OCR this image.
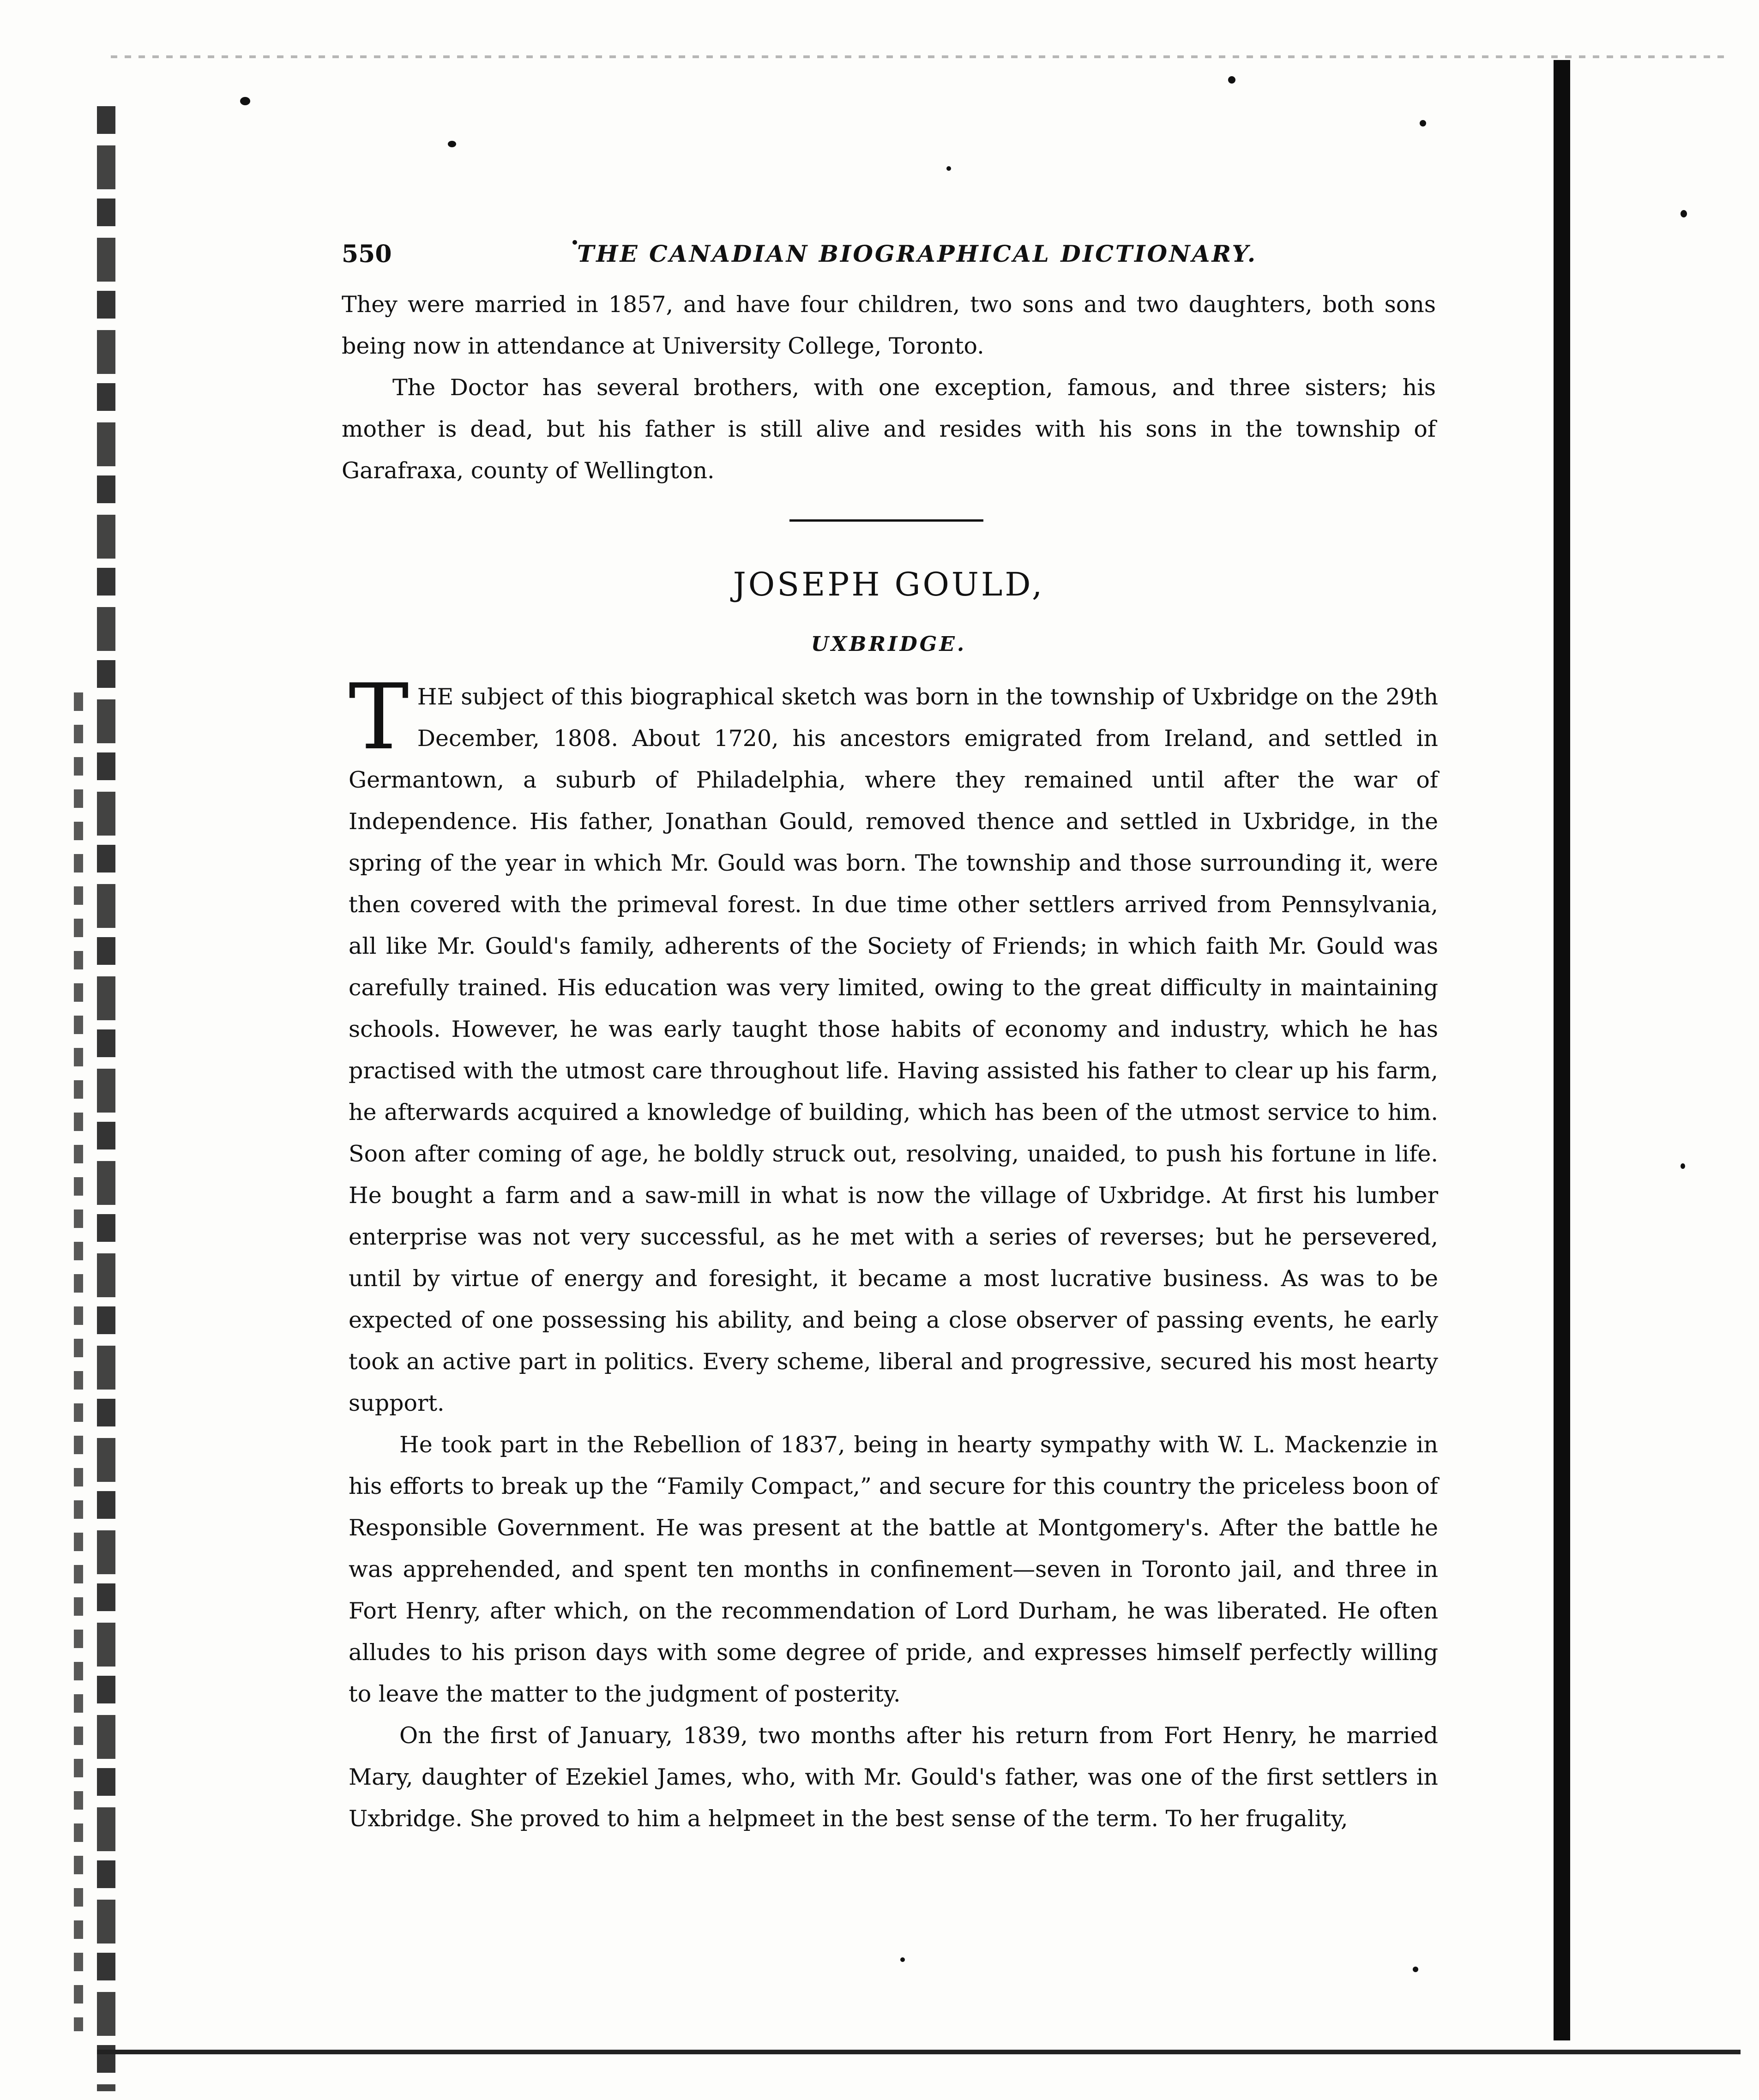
550	THE CANADIAN BIOGRAPHICAL DICTIONARY.

They were married in 1857, and have four children, two sons and two daughters, both sons being now in attendance at University College, Toronto.

The Doctor has several brothers, with one exception, famous, and three sisters; his mother is dead, but his father is still alive and resides with his sons in the township of Garafraxa, county of Wellington.

JOSEPH GOULD,
UXBRIDGE.

THE subject of this biographical sketch was born in the township of Uxbridge on the 29th December, 1808. About 1720, his ancestors emigrated from Ireland, and settled in Germantown, a suburb of Philadelphia, where they remained until after the war of Independence. His father, Jonathan Gould, removed thence and settled in Uxbridge, in the spring of the year in which Mr. Gould was born. The township and those surrounding it, were then covered with the primeval forest. In due time other settlers arrived from Pennsylvania, all like Mr. Gould's family, adherents of the Society of Friends; in which faith Mr. Gould was carefully trained. His education was very limited, owing to the great difficulty in maintaining schools. However, he was early taught those habits of economy and industry, which he has practised with the utmost care throughout life. Having assisted his father to clear up his farm, he afterwards acquired a knowledge of building, which has been of the utmost service to him. Soon after coming of age, he boldly struck out, resolving, unaided, to push his fortune in life. He bought a farm and a saw-mill in what is now the village of Uxbridge. At first his lumber enterprise was not very successful, as he met with a series of reverses; but he persevered, until by virtue of energy and foresight, it became a most lucrative business. As was to be expected of one possessing his ability, and being a close observer of passing events, he early took an active part in politics. Every scheme, liberal and progressive, secured his most hearty support.

He took part in the Rebellion of 1837, being in hearty sympathy with W. L. Mackenzie in his efforts to break up the “Family Compact,” and secure for this country the priceless boon of Responsible Government. He was present at the battle at Montgomery's. After the battle he was apprehended, and spent ten months in confinement—seven in Toronto jail, and three in Fort Henry, after which, on the recommendation of Lord Durham, he was liberated. He often alludes to his prison days with some degree of pride, and expresses himself perfectly willing to leave the matter to the judgment of posterity.

On the first of January, 1839, two months after his return from Fort Henry, he married Mary, daughter of Ezekiel James, who, with Mr. Gould's father, was one of the first settlers in Uxbridge. She proved to him a helpmeet in the best sense of the term. To her frugality,
